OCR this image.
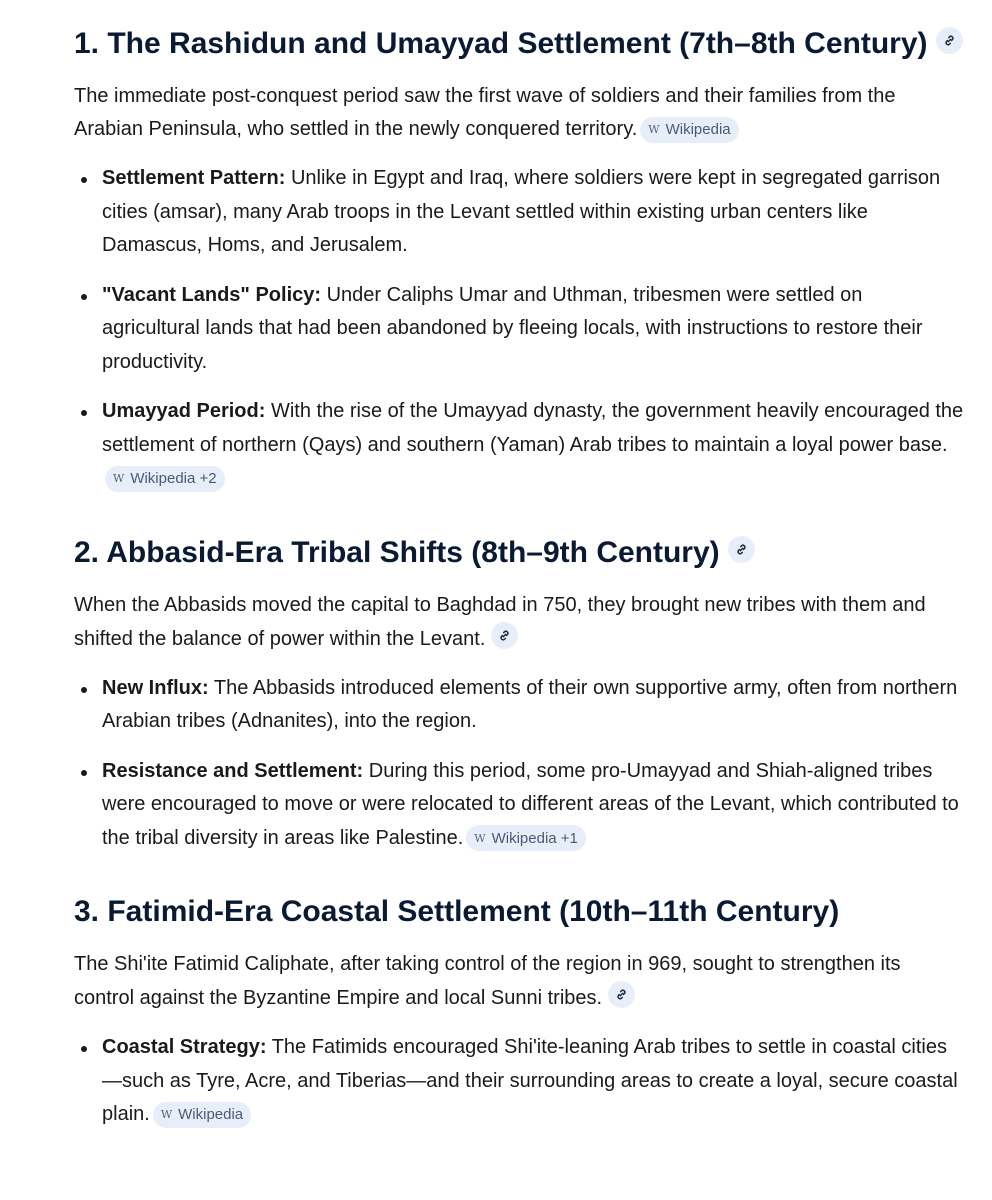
1. The Rashidun and Umayyad Settlement (7th–8th Century)

The immediate post-conquest period saw the first wave of soldiers and their families from the Arabian Peninsula, who settled in the newly conquered territory. W Wikipedia

Settlement Pattern: Unlike in Egypt and Iraq, where soldiers were kept in segregated garrison cities (amsar), many Arab troops in the Levant settled within existing urban centers like Damascus, Homs, and Jerusalem.
"Vacant Lands" Policy: Under Caliphs Umar and Uthman, tribesmen were settled on agricultural lands that had been abandoned by fleeing locals, with instructions to restore their productivity.
Umayyad Period: With the rise of the Umayyad dynasty, the government heavily encouraged the settlement of northern (Qays) and southern (Yaman) Arab tribes to maintain a loyal power base.
W Wikipedia +2
2. Abbasid-Era Tribal Shifts (8th–9th Century)

When the Abbasids moved the capital to Baghdad in 750, they brought new tribes with them and shifted the balance of power within the Levant.

New Influx: The Abbasids introduced elements of their own supportive army, often from northern Arabian tribes (Adnanites), into the region.
Resistance and Settlement: During this period, some pro-Umayyad and Shiah-aligned tribes were encouraged to move or were relocated to different areas of the Levant, which contributed to the tribal diversity in areas like Palestine. W Wikipedia +1
3. Fatimid-Era Coastal Settlement (10th–11th Century)

The Shi'ite Fatimid Caliphate, after taking control of the region in 969, sought to strengthen its control against the Byzantine Empire and local Sunni tribes.

Coastal Strategy: The Fatimids encouraged Shi'ite-leaning Arab tribes to settle in coastal cities—such as Tyre, Acre, and Tiberias—and their surrounding areas to create a loyal, secure coastal plain. W Wikipedia
